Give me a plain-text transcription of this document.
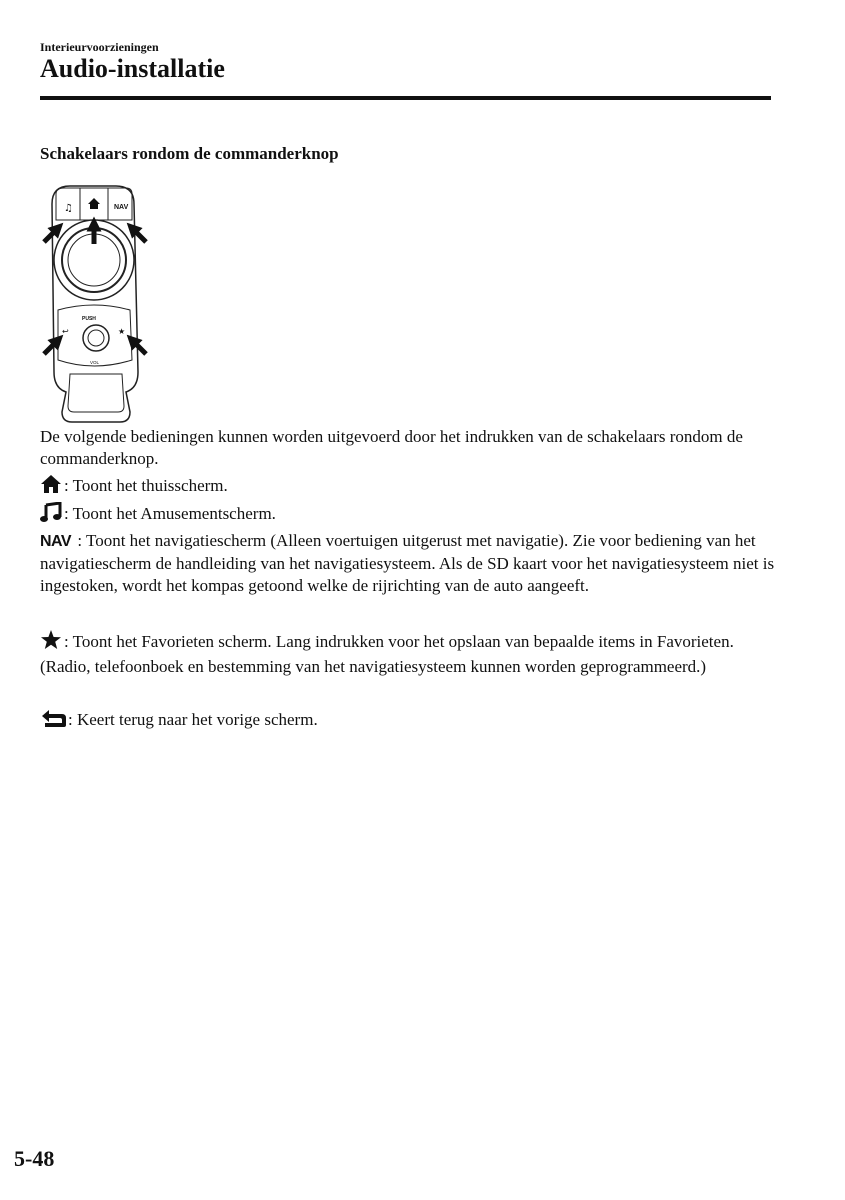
Interieurvoorzieningen
Audio-installatie
Schakelaars rondom de commanderknop
♫	NAV
PUSH
VOL
★
↩

De volgende bedieningen kunnen worden uitgevoerd door het indrukken van de schakelaars rondom de commanderknop.

: Toont het thuisscherm.

: Toont het Amusementscherm.

NAV : Toont het navigatiescherm (Alleen voertuigen uitgerust met navigatie). Zie voor bediening van het navigatiescherm de handleiding van het navigatiesysteem. Als de SD kaart voor het navigatiesysteem niet is ingestoken, wordt het kompas getoond welke de rijrichting van de auto aangeeft.

: Toont het Favorieten scherm. Lang indrukken voor het opslaan van bepaalde items in Favorieten. (Radio, telefoonboek en bestemming van het navigatiesysteem kunnen worden geprogrammeerd.)

: Keert terug naar het vorige scherm.

5-48
